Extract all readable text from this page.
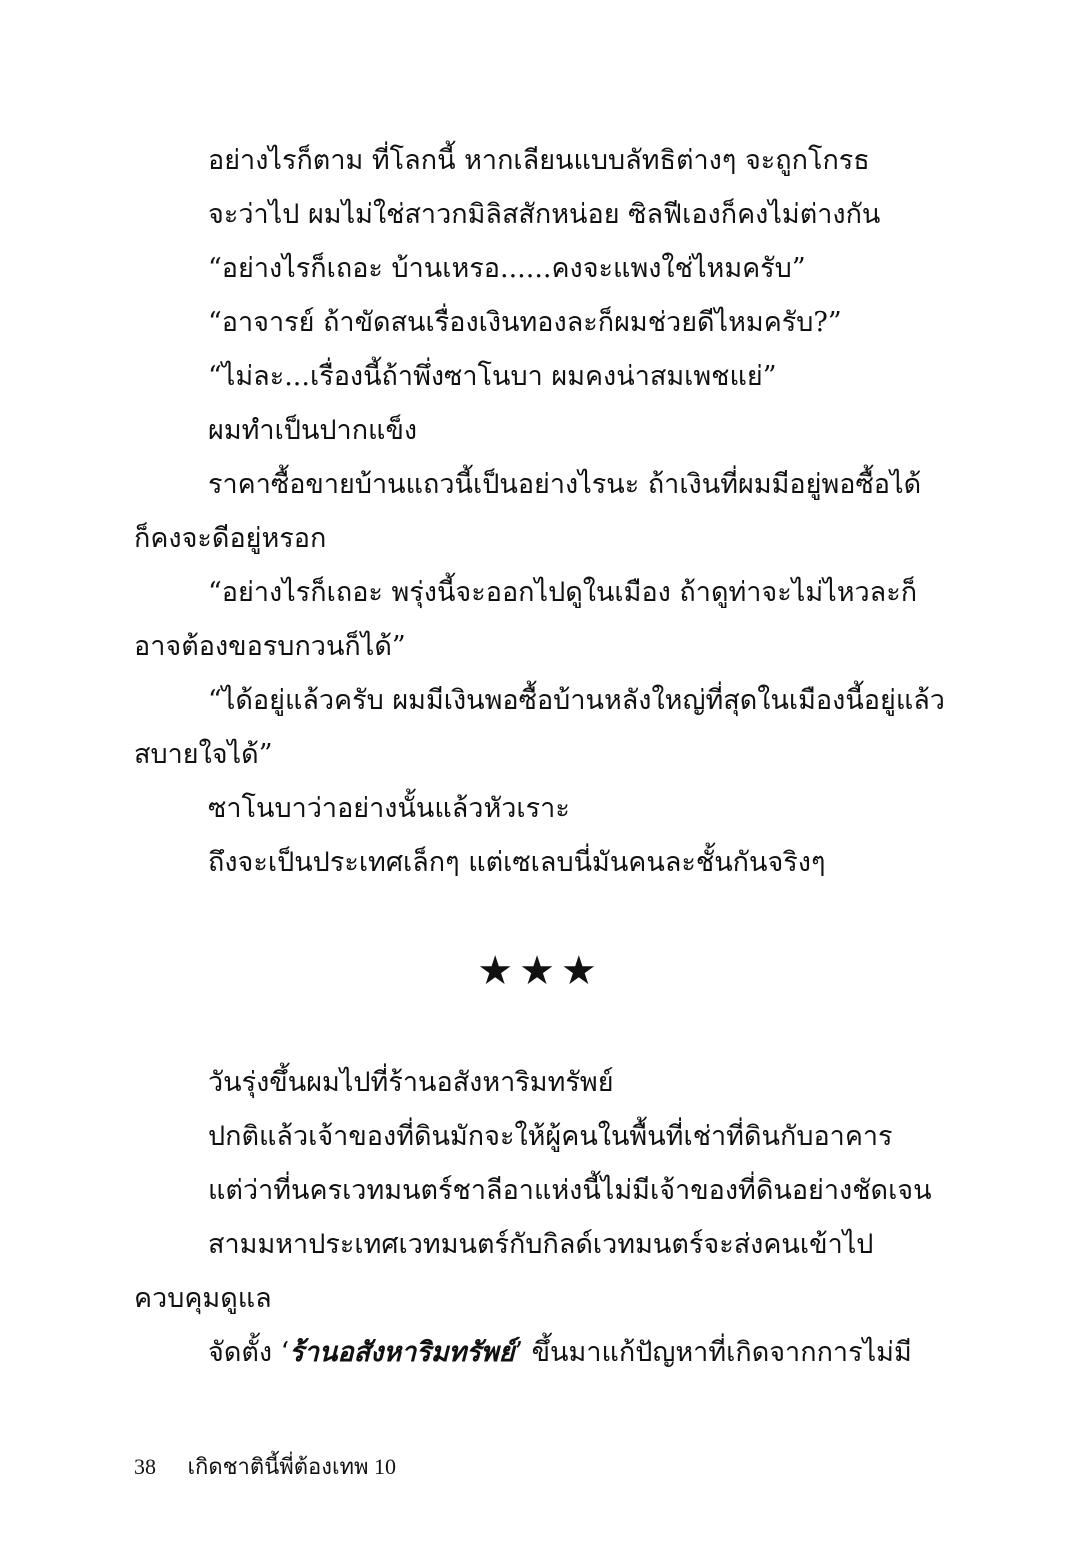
อย่างไรก็ตาม ที่โลกนี้ หากเลียนแบบลัทธิต่างๆ จะถูกโกรธ
จะว่าไป ผมไม่ใช่สาวกมิลิสสักหน่อย ซิลฟีเองก็คงไม่ต่างกัน
“อย่างไรก็เถอะ บ้านเหรอ......คงจะแพงใช่ไหมครับ”
“อาจารย์ ถ้าขัดสนเรื่องเงินทองละก็ผมช่วยดีไหมครับ?”
“ไม่ละ...เรื่องนี้ถ้าพึ่งซาโนบา ผมคงน่าสมเพชแย่”
ผมทำเป็นปากแข็ง
ราคาซื้อขายบ้านแถวนี้เป็นอย่างไรนะ ถ้าเงินที่ผมมีอยู่พอซื้อได้
ก็คงจะดีอยู่หรอก
“อย่างไรก็เถอะ พรุ่งนี้จะออกไปดูในเมือง ถ้าดูท่าจะไม่ไหวละก็
อาจต้องขอรบกวนก็ได้”
“ได้อยู่แล้วครับ ผมมีเงินพอซื้อบ้านหลังใหญ่ที่สุดในเมืองนี้อยู่แล้ว
สบายใจได้”
ซาโนบาว่าอย่างนั้นแล้วหัวเราะ
ถึงจะเป็นประเทศเล็กๆ แต่เซเลบนี่มันคนละชั้นกันจริงๆ
★★★
วันรุ่งขึ้นผมไปที่ร้านอสังหาริมทรัพย์
ปกติแล้วเจ้าของที่ดินมักจะให้ผู้คนในพื้นที่เช่าที่ดินกับอาคาร
แต่ว่าที่นครเวทมนตร์ชาลีอาแห่งนี้ไม่มีเจ้าของที่ดินอย่างชัดเจน
สามมหาประเทศเวทมนตร์กับกิลด์เวทมนตร์จะส่งคนเข้าไป
ควบคุมดูแล
จัดตั้ง ‘ร้านอสังหาริมทรัพย์’ ขึ้นมาแก้ปัญหาที่เกิดจากการไม่มี
38 เกิดชาตินี้พี่ต้องเทพ 10
